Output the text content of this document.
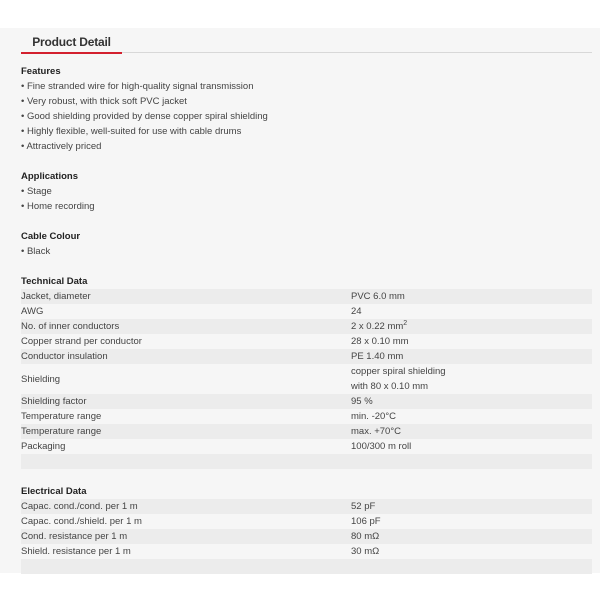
Product Detail
Features
• Fine stranded wire for high-quality signal transmission
• Very robust, with thick soft PVC jacket
• Good shielding provided by dense copper spiral shielding
• Highly flexible, well-suited for use with cable drums
• Attractively priced
Applications
• Stage
• Home recording
Cable Colour
• Black
Technical Data	
Jacket, diameter	PVC 6.0 mm
AWG	24
No. of inner conductors	2 x 0.22 $mm^2$
Copper strand per conductor	28 x 0.10 mm
Conductor insulation	PE 1.40 mm
Shielding	copper spiral shielding
with 80 x 0.10 mm

Shielding factor	95 %
Temperature range	min. -20°C
Temperature range	max. +70°C
Packaging	100/300 m roll

Electrical Data	
Capac. cond./cond. per 1 m	52 pF
Capac. cond./shield. per 1 m	106 pF
Cond. resistance per 1 m	80 mΩ
Shield. resistance per 1 m	30 mΩ
